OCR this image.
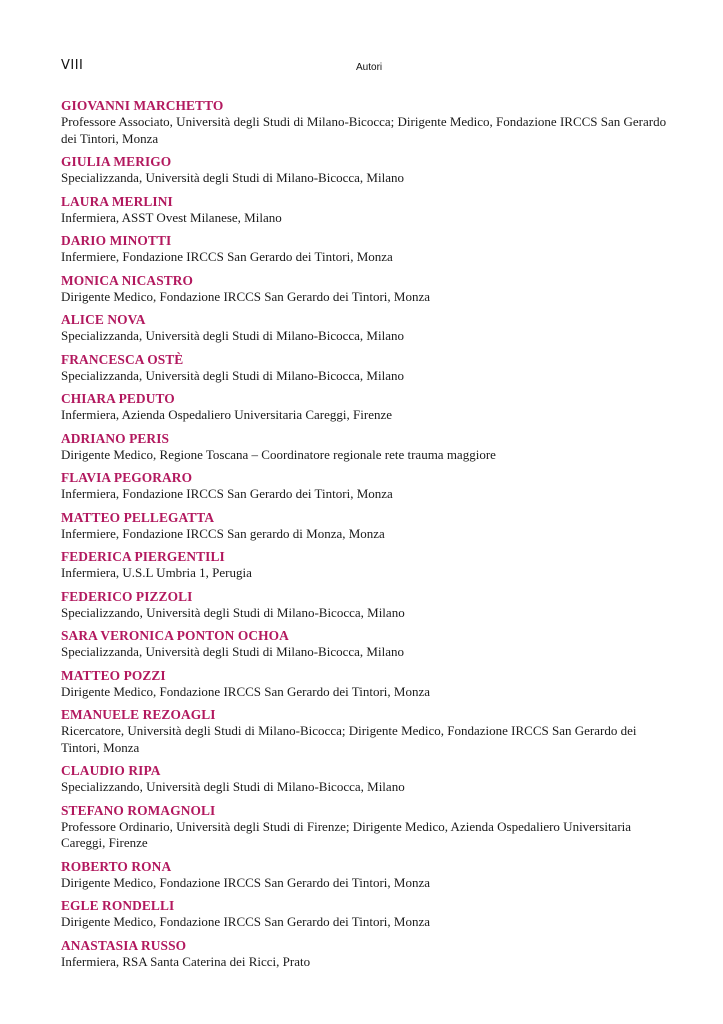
VIII	Autori
GIOVANNI MARCHETTO
Professore Associato, Università degli Studi di Milano-Bicocca; Dirigente Medico, Fondazione IRCCS San Gerardo dei Tintori, Monza
GIULIA MERIGO
Specializzanda, Università degli Studi di Milano-Bicocca, Milano
LAURA MERLINI
Infermiera, ASST Ovest Milanese, Milano
DARIO MINOTTI
Infermiere, Fondazione IRCCS San Gerardo dei Tintori, Monza
MONICA NICASTRO
Dirigente Medico, Fondazione IRCCS San Gerardo dei Tintori, Monza
ALICE NOVA
Specializzanda, Università degli Studi di Milano-Bicocca, Milano
FRANCESCA OSTÈ
Specializzanda, Università degli Studi di Milano-Bicocca, Milano
CHIARA PEDUTO
Infermiera, Azienda Ospedaliero Universitaria Careggi, Firenze
ADRIANO PERIS
Dirigente Medico, Regione Toscana – Coordinatore regionale rete trauma maggiore
FLAVIA PEGORARO
Infermiera, Fondazione IRCCS San Gerardo dei Tintori, Monza
MATTEO PELLEGATTA
Infermiere, Fondazione IRCCS San gerardo di Monza, Monza
FEDERICA PIERGENTILI
Infermiera, U.S.L Umbria 1, Perugia
FEDERICO PIZZOLI
Specializzando, Università degli Studi di Milano-Bicocca, Milano
SARA VERONICA PONTON OCHOA
Specializzanda, Università degli Studi di Milano-Bicocca, Milano
MATTEO POZZI
Dirigente Medico, Fondazione IRCCS San Gerardo dei Tintori, Monza
EMANUELE REZOAGLI
Ricercatore, Università degli Studi di Milano-Bicocca; Dirigente Medico, Fondazione IRCCS San Gerardo dei Tintori, Monza
CLAUDIO RIPA
Specializzando, Università degli Studi di Milano-Bicocca, Milano
STEFANO ROMAGNOLI
Professore Ordinario, Università degli Studi di Firenze; Dirigente Medico, Azienda Ospedaliero Universitaria Careggi, Firenze
ROBERTO RONA
Dirigente Medico, Fondazione IRCCS San Gerardo dei Tintori, Monza
EGLE RONDELLI
Dirigente Medico, Fondazione IRCCS San Gerardo dei Tintori, Monza
ANASTASIA RUSSO
Infermiera, RSA Santa Caterina dei Ricci, Prato
